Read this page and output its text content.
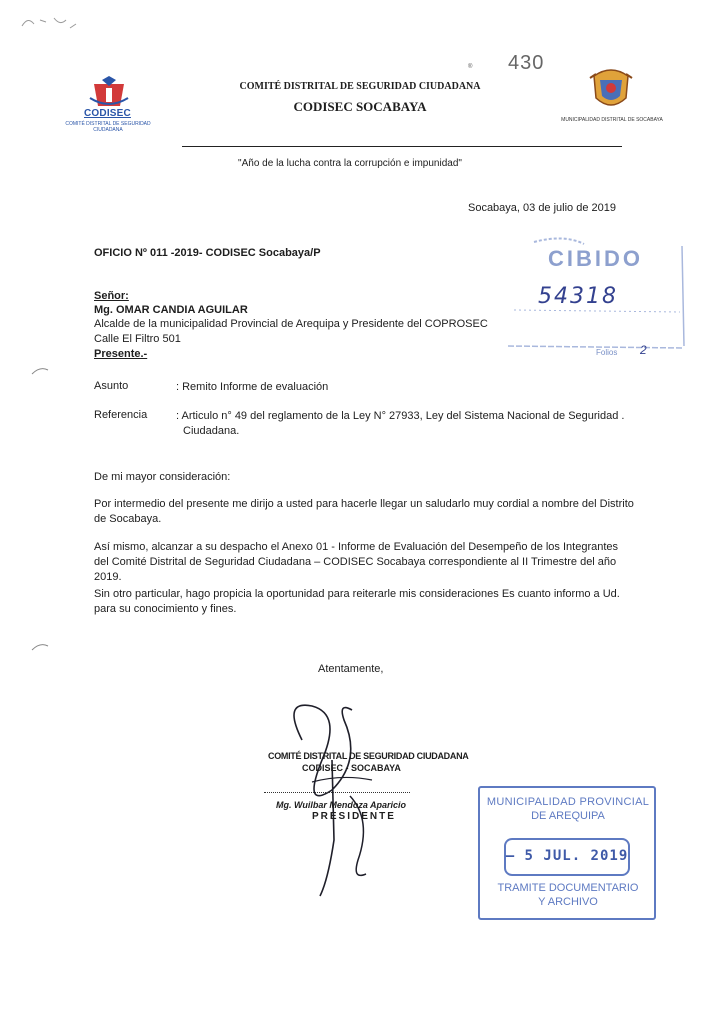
CODISEC
COMITÉ DISTRITAL DE SEGURIDAD CIUDADANA
COMITÉ DISTRITAL DE SEGURIDAD CIUDADANA
®
CODISEC SOCABAYA
430
MUNICIPALIDAD DISTRITAL DE SOCABAYA
"Año de la lucha contra la corrupción e impunidad"
Socabaya, 03 de julio de 2019
OFICIO Nº 011 -2019- CODISEC Socabaya/P	CIBIDO
54318
Folios 2
Señor:
Mg. OMAR CANDIA AGUILAR
Alcalde de la municipalidad Provincial de Arequipa y Presidente del COPROSEC
Calle El Filtro 501
Presente.-
Asunto	: Remito Informe de evaluación
Referencia	: Articulo n° 49 del reglamento de la Ley N° 27933, Ley del Sistema Nacional de Seguridad .
Ciudadana.
De mi mayor consideración:
Por intermedio del presente me dirijo a usted para hacerle llegar un saludarlo muy cordial a nombre del Distrito de Socabaya.
Así mismo, alcanzar a su despacho el Anexo 01 - Informe de Evaluación del Desempeño de los Integrantes del Comité Distrital de Seguridad Ciudadana – CODISEC Socabaya correspondiente al II Trimestre del año 2019.
Sin otro particular, hago propicia la oportunidad para reiterarle mis consideraciones Es cuanto informo a Ud. para su conocimiento y fines.
Atentamente,
COMITÉ DISTRITAL DE SEGURIDAD CIUDADANA
CODISEC - SOCABAYA
Mg. Wuilbar Mendoza Aparicio
PRESIDENTE
MUNICIPALIDAD PROVINCIAL
DE AREQUIPA
– 5 JUL. 2019
TRAMITE DOCUMENTARIO
Y ARCHIVO
